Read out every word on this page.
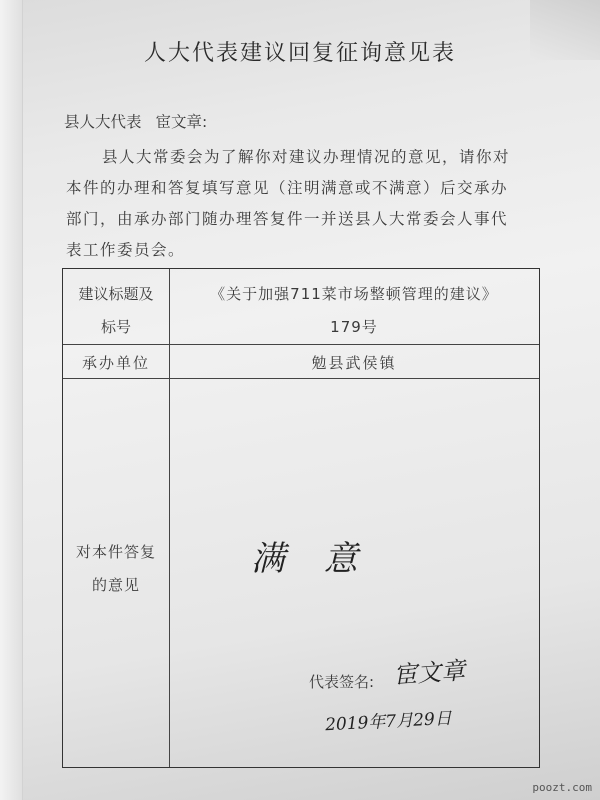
人大代表建议回复征询意见表
县人大代表 宦文章:
县人大常委会为了解你对建议办理情况的意见，请你对
本件的办理和答复填写意见（注明满意或不满意）后交承办
部门，由承办部门随办理答复件一并送县人大常委会人事代
表工作委员会。
建议标题及
标号
《关于加强711菜市场整顿管理的建议》
179号
承办单位	勉县武侯镇
对本件答复
的意见
满 意
代表签名: 宦文章
2019年7月29日
poozt.com
